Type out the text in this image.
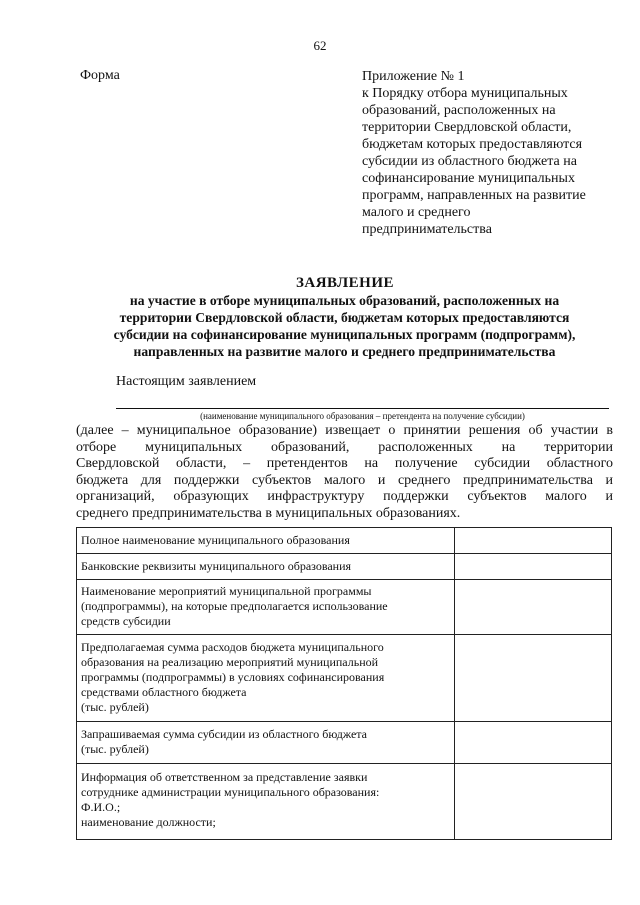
62
Форма	Приложение № 1
к Порядку отбора муниципальных
образований, расположенных на
территории Свердловской области,
бюджетам которых предоставляются
субсидии из областного бюджета на
софинансирование муниципальных
программ, направленных на развитие
малого и среднего
предпринимательства
ЗАЯВЛЕНИЕ
на участие в отборе муниципальных образований, расположенных на
территории Свердловской области, бюджетам которых предоставляются
субсидии на софинансирование муниципальных программ (подпрограмм),
направленных на развитие малого и среднего предпринимательства
Настоящим заявлением
(наименование муниципального образования – претендента на получение субсидии)
(далее – муниципальное образование) извещает о принятии решения об участии в
отборе муниципальных образований, расположенных на территории
Свердловской области, – претендентов на получение субсидии областного
бюджета для поддержки субъектов малого и среднего предпринимательства и
организаций, образующих инфраструктуру поддержки субъектов малого и
среднего предпринимательства в муниципальных образованиях.
Полное наименование муниципального образования	

Банковские реквизиты муниципального образования	

Наименование мероприятий муниципальной программы
(подпрограммы), на которые предполагается использование
средств субсидии	

Предполагаемая сумма расходов бюджета муниципального
образования на реализацию мероприятий муниципальной
программы (подпрограммы) в условиях софинансирования
средствами областного бюджета
(тыс. рублей)	

Запрашиваемая сумма субсидии из областного бюджета
(тыс. рублей)	

Информация об ответственном за представление заявки
сотруднике администрации муниципального образования:
Ф.И.О.;
наименование должности;	
